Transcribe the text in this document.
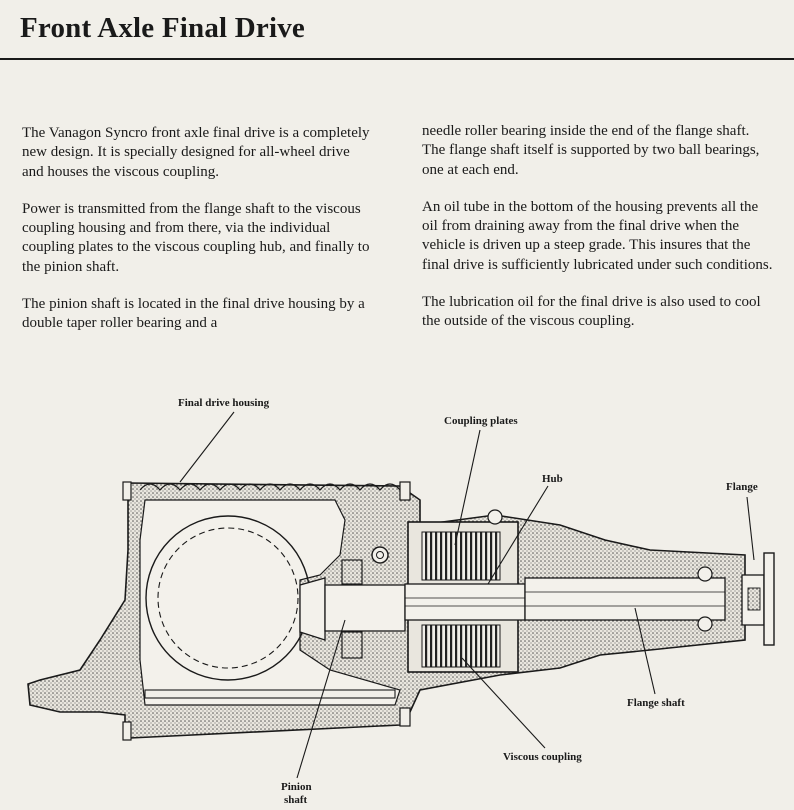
Front Axle Final Drive

The Vanagon Syncro front axle final drive is a completely new design. It is specially designed for all-wheel drive and houses the viscous coupling.

Power is transmitted from the flange shaft to the viscous coupling housing and from there, via the individual coupling plates to the viscous coupling hub, and finally to the pinion shaft.

The pinion shaft is located in the final drive housing by a double taper roller bearing and a

needle roller bearing inside the end of the flange shaft. The flange shaft itself is supported by two ball bearings, one at each end.

An oil tube in the bottom of the housing prevents all the oil from draining away from the final drive when the vehicle is driven up a steep grade. This insures that the final drive is sufficiently lubricated under such conditions.

The lubrication oil for the final drive is also used to cool the outside of the viscous coupling.

Final drive housing
Coupling plates
Hub
Flange
Flange shaft
Viscous coupling
Pinion
shaft
